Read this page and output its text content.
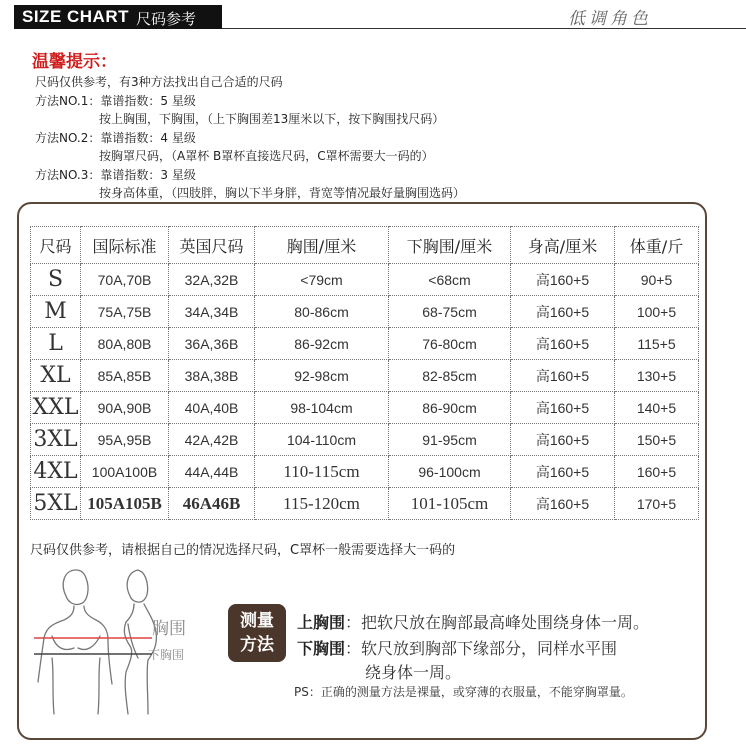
SIZE CHART 尺码参考	低调角色
温馨提示：
尺码仅供参考，有3种方法找出自己合适的尺码
方法NO.1：靠谱指数：5 星级
按上胸围，下胸围，（上下胸围差13厘米以下，按下胸围找尺码）
方法NO.2：靠谱指数：4 星级
按胸罩尺码，（A罩杯 B罩杯直接选尺码，C罩杯需要大一码的）
方法NO.3：靠谱指数：3 星级
按身高体重，（四肢胖，胸以下半身胖，背宽等情况最好量胸围选码）
尺码	国际标准	英国尺码	胸围/厘米	下胸围/厘米	身高/厘米	体重/斤
S	70A,70B	32A,32B	<79cm	<68cm	高160+5	90+5
M	75A,75B	34A,34B	80-86cm	68-75cm	高160+5	100+5
L	80A,80B	36A,36B	86-92cm	76-80cm	高160+5	115+5
XL	85A,85B	38A,38B	92-98cm	82-85cm	高160+5	130+5
XXL	90A,90B	40A,40B	98-104cm	86-90cm	高160+5	140+5
3XL	95A,95B	42A,42B	104-110cm	91-95cm	高160+5	150+5
4XL	100A100B	44A,44B	110-115cm	96-100cm	高160+5	160+5
5XL	105A105B	46A46B	115-120cm	101-105cm	高160+5	170+5
尺码仅供参考，请根据自己的情况选择尺码，C罩杯一般需要选择大一码的
胸围
下胸围
测量
方法
上胸围：把软尺放在胸部最高峰处围绕身体一周。
下胸围：软尺放到胸部下缘部分，同样水平围
绕身体一周。
PS：正确的测量方法是裸量，或穿薄的衣服量，不能穿胸罩量。
